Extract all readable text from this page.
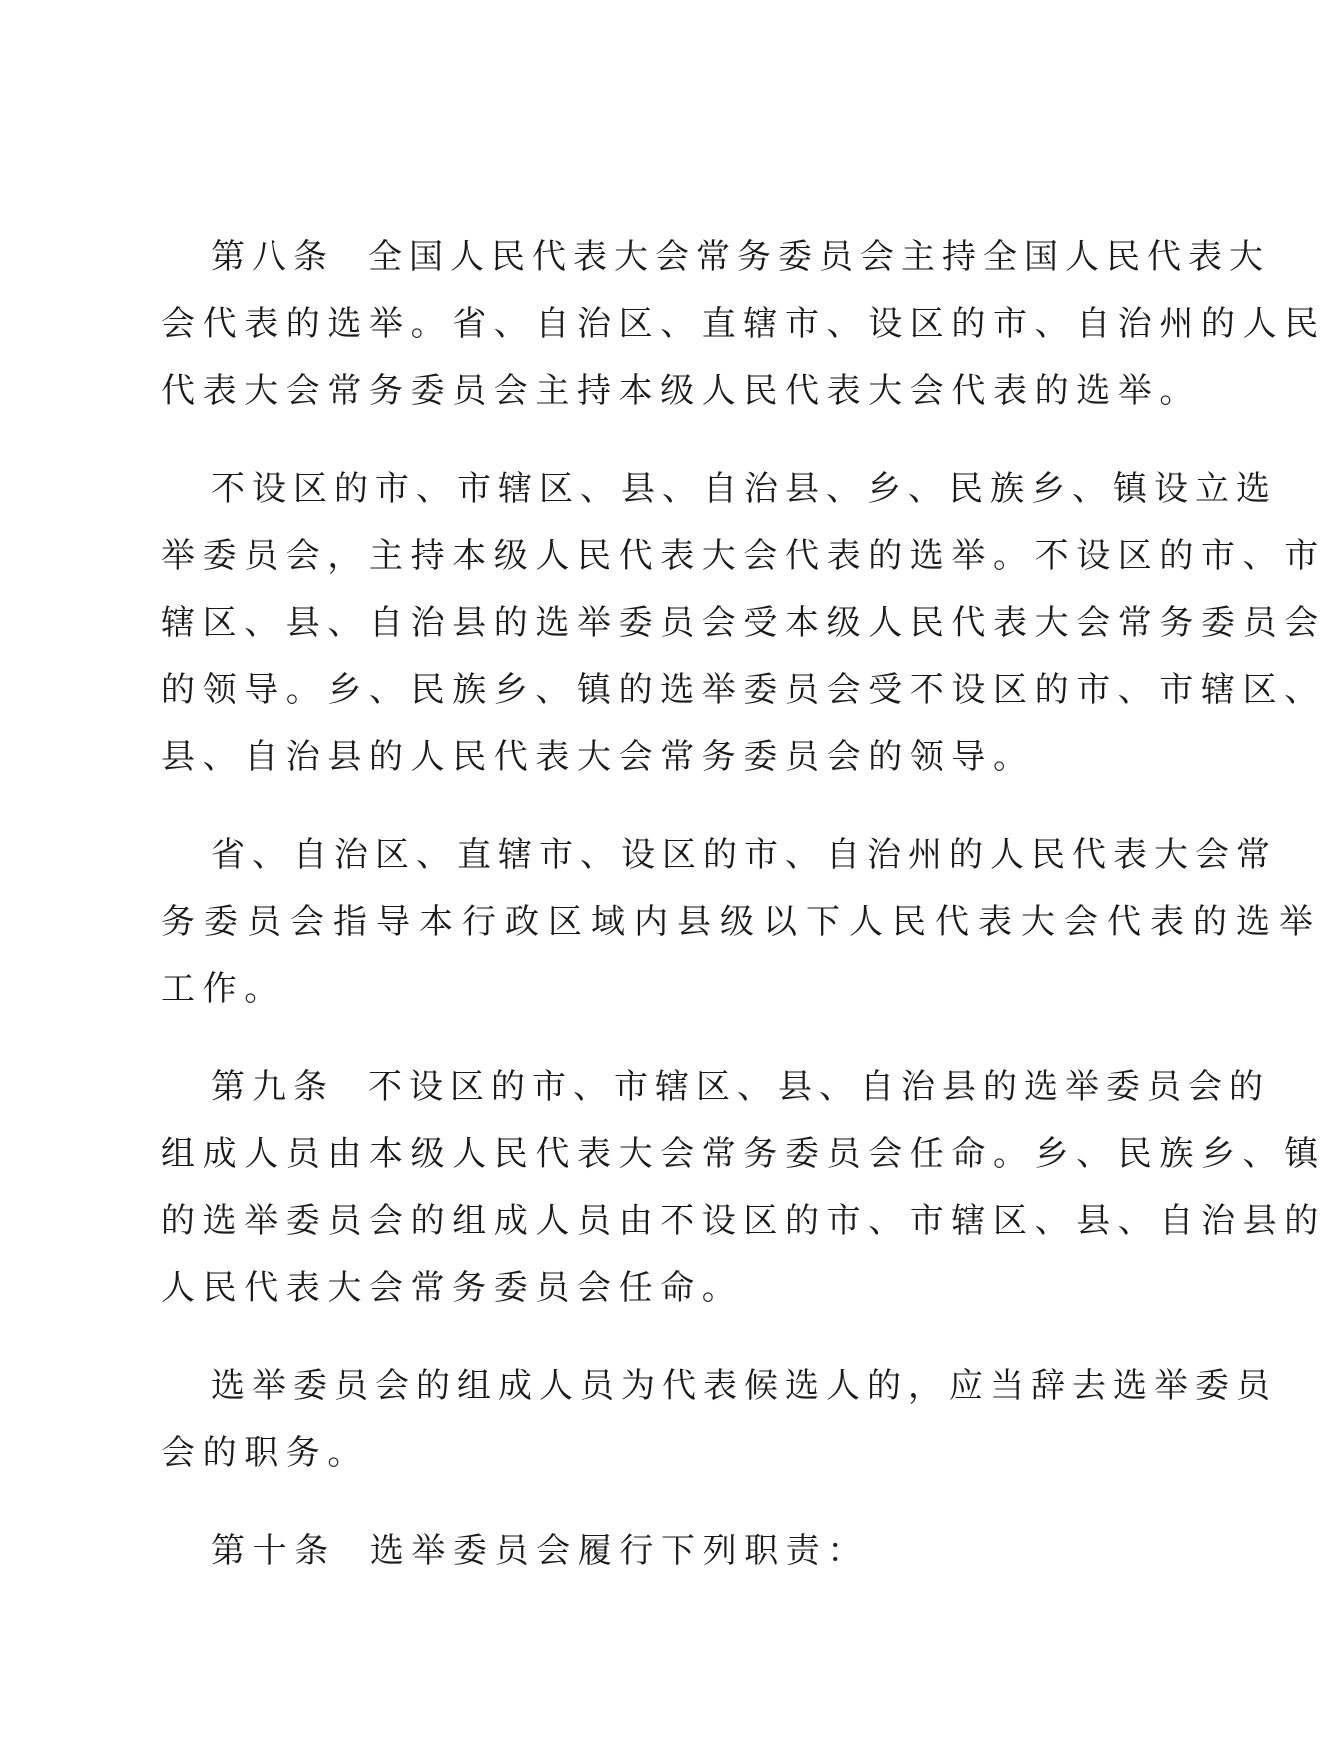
第八条 全国人民代表大会常务委员会主持全国人民代表大
会代表的选举。省、自治区、直辖市、设区的市、自治州的人民
代表大会常务委员会主持本级人民代表大会代表的选举。

不设区的市、市辖区、县、自治县、乡、民族乡、镇设立选
举委员会，主持本级人民代表大会代表的选举。不设区的市、市
辖区、县、自治县的选举委员会受本级人民代表大会常务委员会
的领导。乡、民族乡、镇的选举委员会受不设区的市、市辖区、
县、自治县的人民代表大会常务委员会的领导。

省、自治区、直辖市、设区的市、自治州的人民代表大会常
务委员会指导本行政区域内县级以下人民代表大会代表的选举
工作。

第九条 不设区的市、市辖区、县、自治县的选举委员会的
组成人员由本级人民代表大会常务委员会任命。乡、民族乡、镇
的选举委员会的组成人员由不设区的市、市辖区、县、自治县的
人民代表大会常务委员会任命。

选举委员会的组成人员为代表候选人的，应当辞去选举委员
会的职务。

第十条 选举委员会履行下列职责：
